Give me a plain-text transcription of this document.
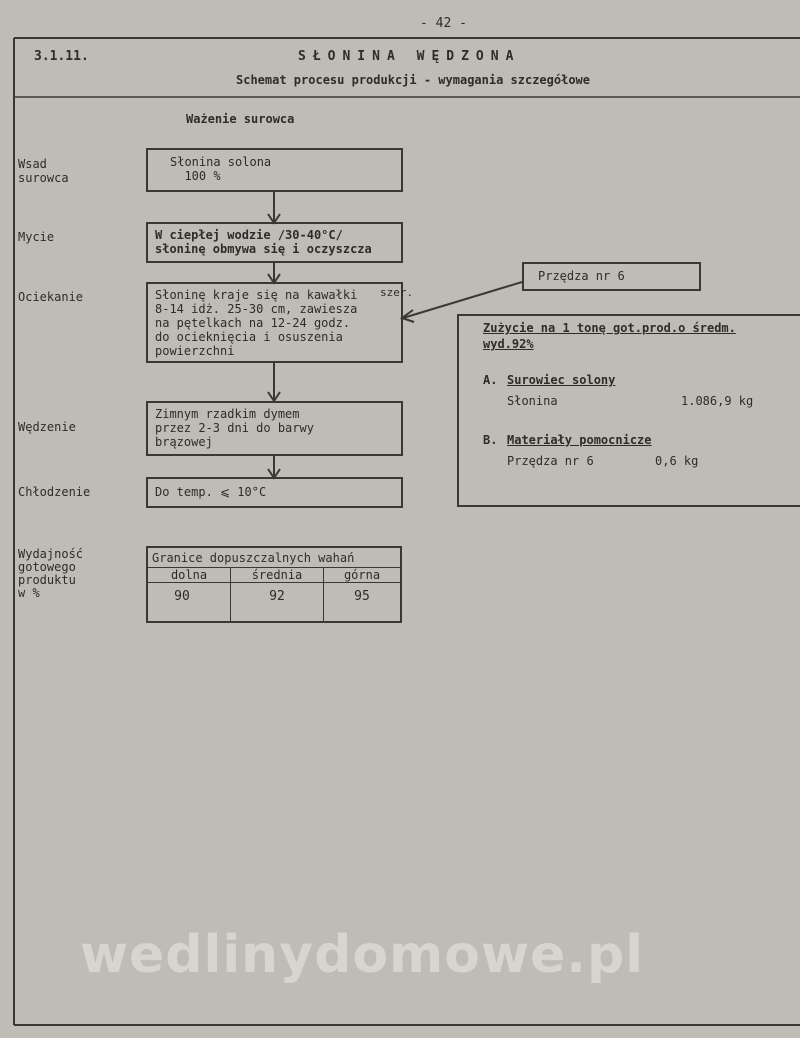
- 42 -
3.1.11.	SŁONINA WĘDZONA
Schemat procesu produkcji - wymagania szczegółowe
Ważenie surowca
Wsad
surowca
Mycie
Ociekanie
Wędzenie
Chłodzenie
Słonina solona
100 %
W ciepłej wodzie /30-40°C/
słoninę obmywa się i oczyszcza
Słoninę kraje się na kawałki
8-14 idż. 25-30 cm, zawiesza
na pętelkach na 12-24 godz.
do ocieknięcia i osuszenia
powierzchni
szer.
Zimnym rzadkim dymem
przez 2-3 dni do barwy
brązowej
Do temp. ⩽ 10°C
Wydajność
gotowego
produktu
w %
Granice dopuszczalnych wahań
dolna	średnia	górna
90	92	95
Przędza nr 6
Zużycie na 1 tonę got.prod.o średm.
wyd.92%
A. Surowiec solony
Słonina	1.086,9 kg
B. Materiały pomocnicze
Przędza nr 6	0,6 kg
wedlinydomowe.pl
